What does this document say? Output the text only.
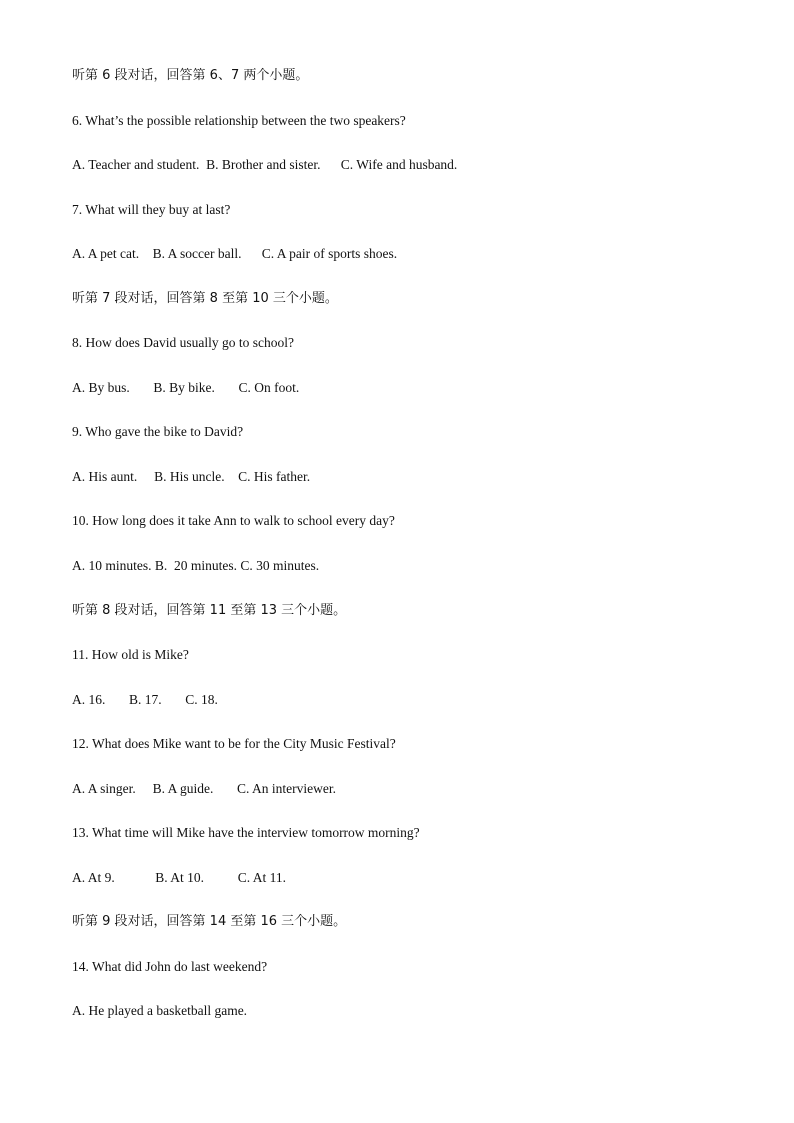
听第 6 段对话，回答第 6、7 两个小题。
6. What’s the possible relationship between the two speakers?
A. Teacher and student.  B. Brother and sister.      C. Wife and husband.
7. What will they buy at last?
A. A pet cat.    B. A soccer ball.      C. A pair of sports shoes.
听第 7 段对话，回答第 8 至第 10 三个小题。
8. How does David usually go to school?
A. By bus.       B. By bike.       C. On foot.
9. Who gave the bike to David?
A. His aunt.     B. His uncle.    C. His father.
10. How long does it take Ann to walk to school every day?
A. 10 minutes. B.  20 minutes. C. 30 minutes.
听第 8 段对话，回答第 11 至第 13 三个小题。
11. How old is Mike?
A. 16.       B. 17.       C. 18.
12. What does Mike want to be for the City Music Festival?
A. A singer.     B. A guide.       C. An interviewer.
13. What time will Mike have the interview tomorrow morning?
A. At 9.            B. At 10.          C. At 11.
听第 9 段对话，回答第 14 至第 16 三个小题。
14. What did John do last weekend?
A. He played a basketball game.
